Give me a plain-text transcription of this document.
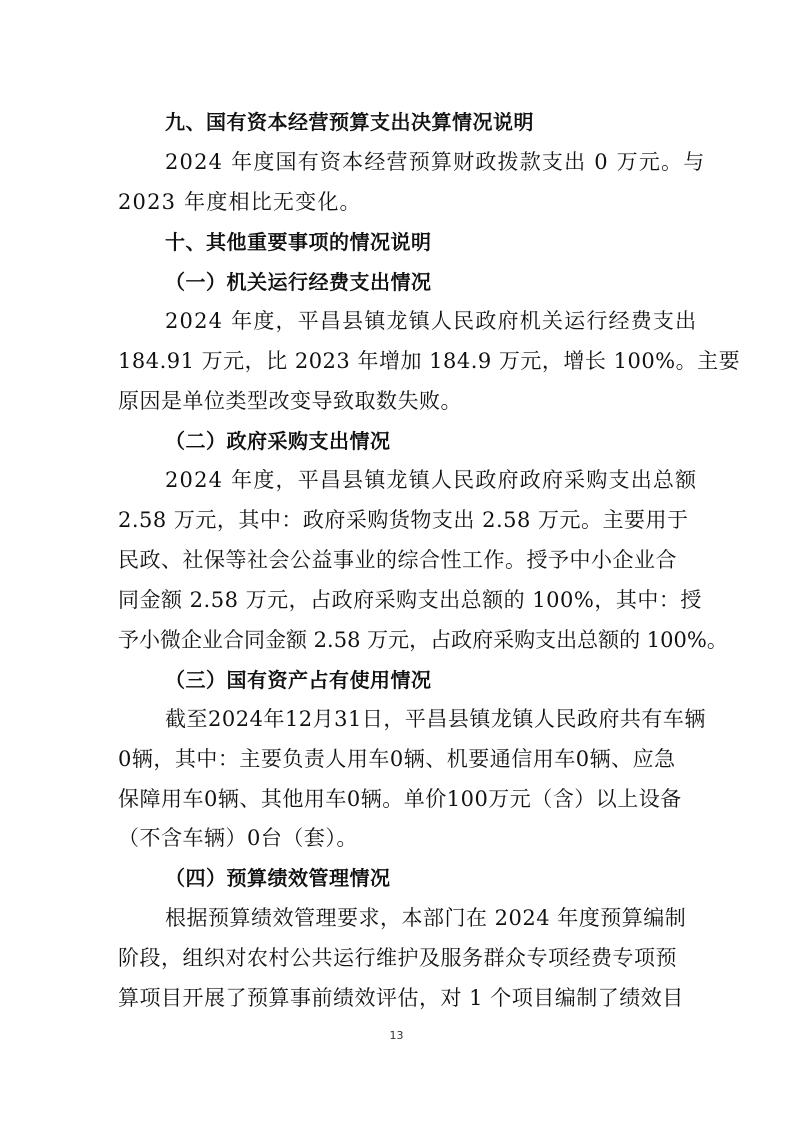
九、国有资本经营预算支出决算情况说明
2024 年度国有资本经营预算财政拨款支出 0 万元。与
2023 年度相比无变化。
十、其他重要事项的情况说明
（一）机关运行经费支出情况
2024 年度，平昌县镇龙镇人民政府机关运行经费支出
184.91 万元，比 2023 年增加 184.9 万元，增长 100%。主要
原因是单位类型改变导致取数失败。
（二）政府采购支出情况
2024 年度，平昌县镇龙镇人民政府政府采购支出总额
2.58 万元，其中：政府采购货物支出 2.58 万元。主要用于
民政、社保等社会公益事业的综合性工作。授予中小企业合
同金额 2.58 万元，占政府采购支出总额的 100%，其中：授
予小微企业合同金额 2.58 万元，占政府采购支出总额的 100%。
（三）国有资产占有使用情况
截至2024年12月31日，平昌县镇龙镇人民政府共有车辆
0辆，其中：主要负责人用车0辆、机要通信用车0辆、应急
保障用车0辆、其他用车0辆。单价100万元（含）以上设备
（不含车辆）0台（套）。
（四）预算绩效管理情况
根据预算绩效管理要求，本部门在 2024 年度预算编制
阶段，组织对农村公共运行维护及服务群众专项经费专项预
算项目开展了预算事前绩效评估，对 1 个项目编制了绩效目
13
